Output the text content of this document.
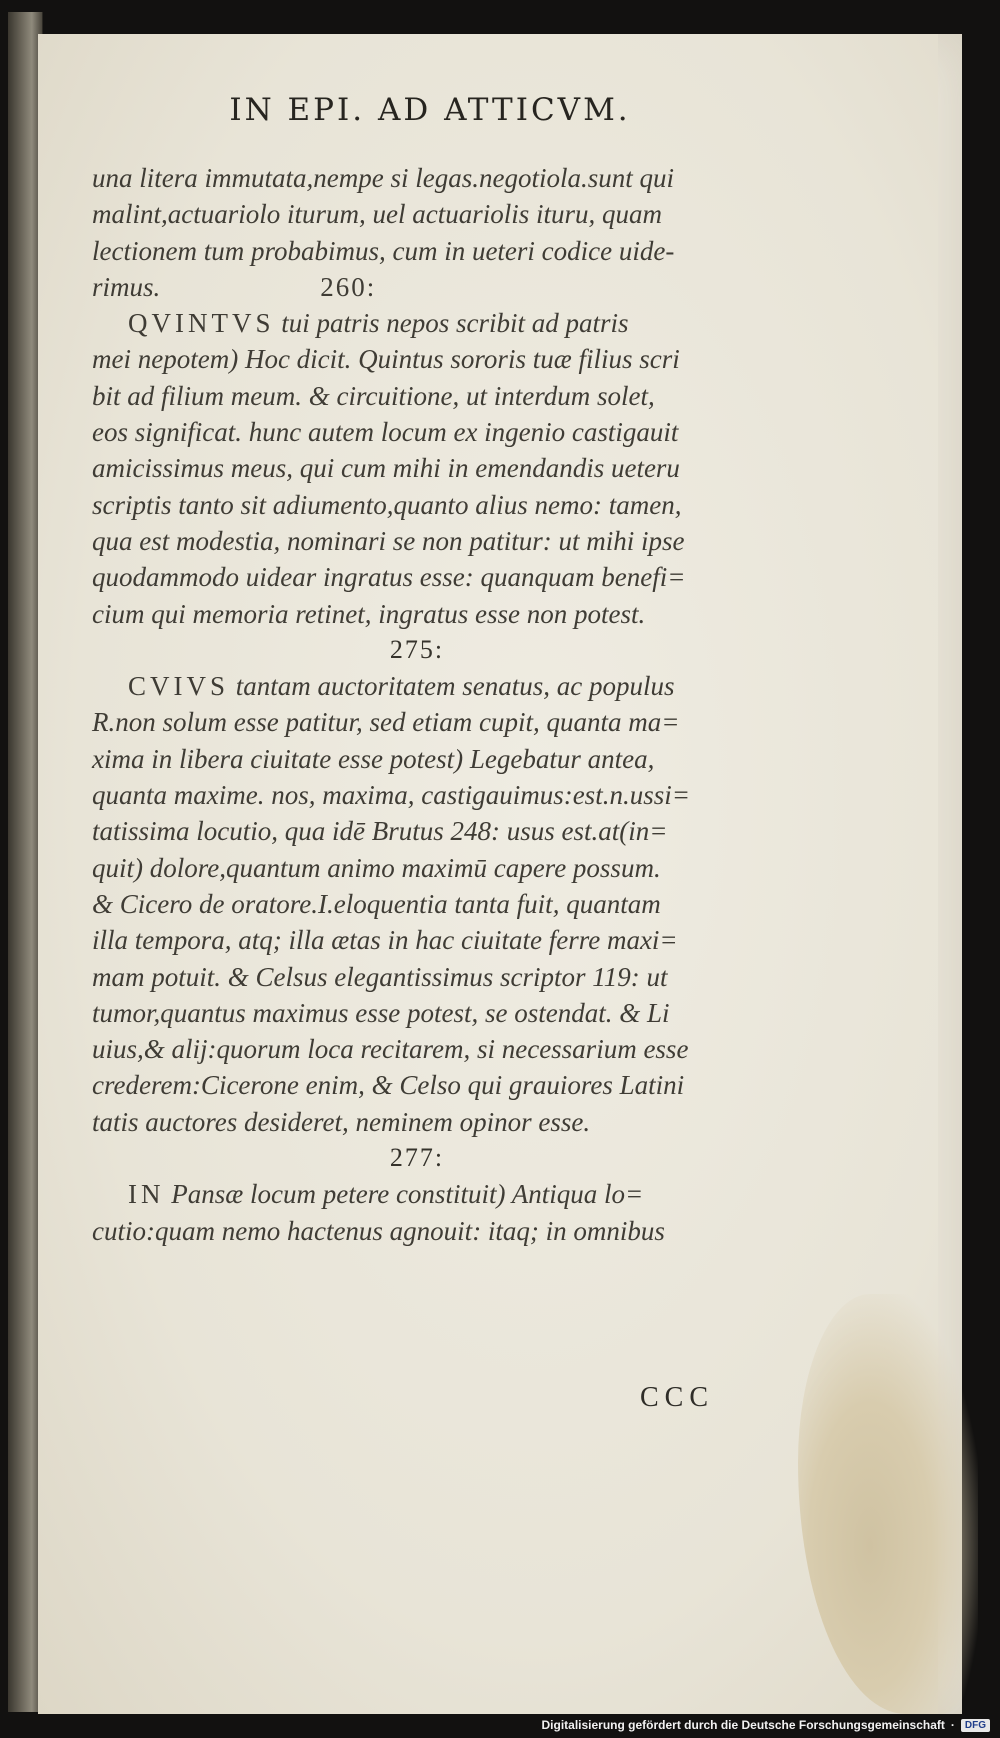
IN EPI. AD ATTICVM.
una litera immutata,nempe si legas.negotiola.sunt qui
malint,actuariolo iturum, uel actuariolis ituru, quam
lectionem tum probabimus, cum in ueteri codice uide-
rimus.	260:
QVINTVS tui patris nepos scribit ad patris
mei nepotem) Hoc dicit. Quintus sororis tuæ filius scri
bit ad filium meum. & circuitione, ut interdum solet,
eos significat. hunc autem locum ex ingenio castigauit
amicissimus meus, qui cum mihi in emendandis ueteru
scriptis tanto sit adiumento,quanto alius nemo: tamen,
qua est modestia, nominari se non patitur: ut mihi ipse
quodammodo uidear ingratus esse: quanquam benefi=
cium qui memoria retinet, ingratus esse non potest.
275:
CVIVS tantam auctoritatem senatus, ac populus
R.non solum esse patitur, sed etiam cupit, quanta ma=
xima in libera ciuitate esse potest) Legebatur antea,
quanta maxime. nos, maxima, castigauimus:est.n.ussi=
tatissima locutio, qua idē Brutus 248: usus est.at(in=
quit) dolore,quantum animo maximū capere possum.
& Cicero de oratore.I.eloquentia tanta fuit, quantam
illa tempora, atq; illa ætas in hac ciuitate ferre maxi=
mam potuit. & Celsus elegantissimus scriptor 119: ut
tumor,quantus maximus esse potest, se ostendat. & Li
uius,& alij:quorum loca recitarem, si necessarium esse
crederem:Cicerone enim, & Celso qui grauiores Latini
tatis auctores desideret, neminem opinor esse.
277:
IN Pansæ locum petere constituit) Antiqua lo=
cutio:quam nemo hactenus agnouit: itaq; in omnibus
CCC
Digitalisierung gefördert durch die Deutsche Forschungsgemeinschaft ·	DFG
